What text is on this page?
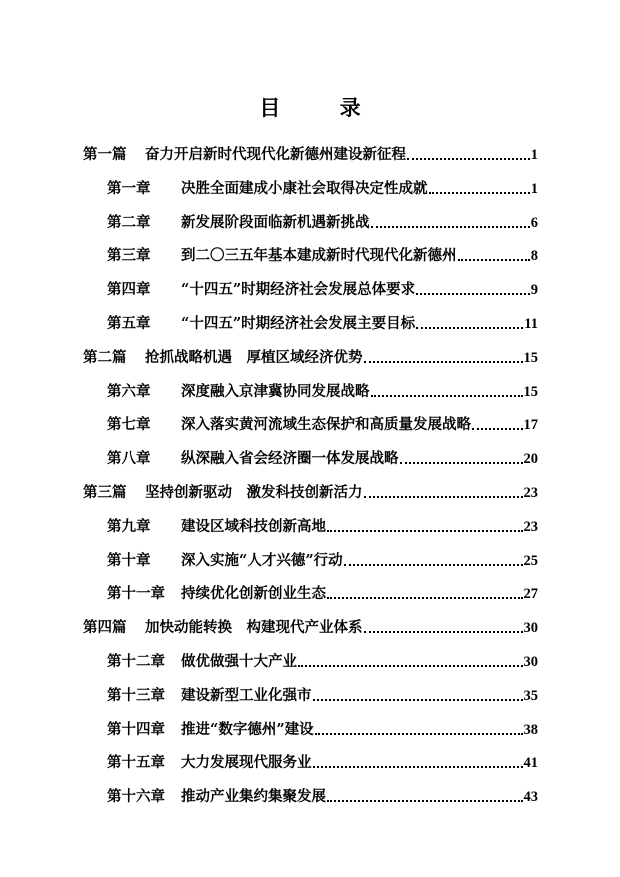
目 录
第一篇	奋力开启新时代现代化新德州建设新征程	1
第一章	决胜全面建成小康社会取得决定性成就	1
第二章	新发展阶段面临新机遇新挑战	6
第三章	到二〇三五年基本建成新时代现代化新德州	8
第四章	“十四五”时期经济社会发展总体要求	9
第五章	“十四五”时期经济社会发展主要目标	11
第二篇	抢抓战略机遇　厚植区域经济优势	15
第六章	深度融入京津冀协同发展战略	15
第七章	深入落实黄河流域生态保护和高质量发展战略	17
第八章	纵深融入省会经济圈一体发展战略	20
第三篇	坚持创新驱动　激发科技创新活力	23
第九章	建设区域科技创新高地	23
第十章	深入实施“人才兴德”行动	25
第十一章	持续优化创新创业生态	27
第四篇	加快动能转换　构建现代产业体系	30
第十二章	做优做强十大产业	30
第十三章	建设新型工业化强市	35
第十四章	推进“数字德州”建设	38
第十五章	大力发展现代服务业	41
第十六章	推动产业集约集聚发展	43
